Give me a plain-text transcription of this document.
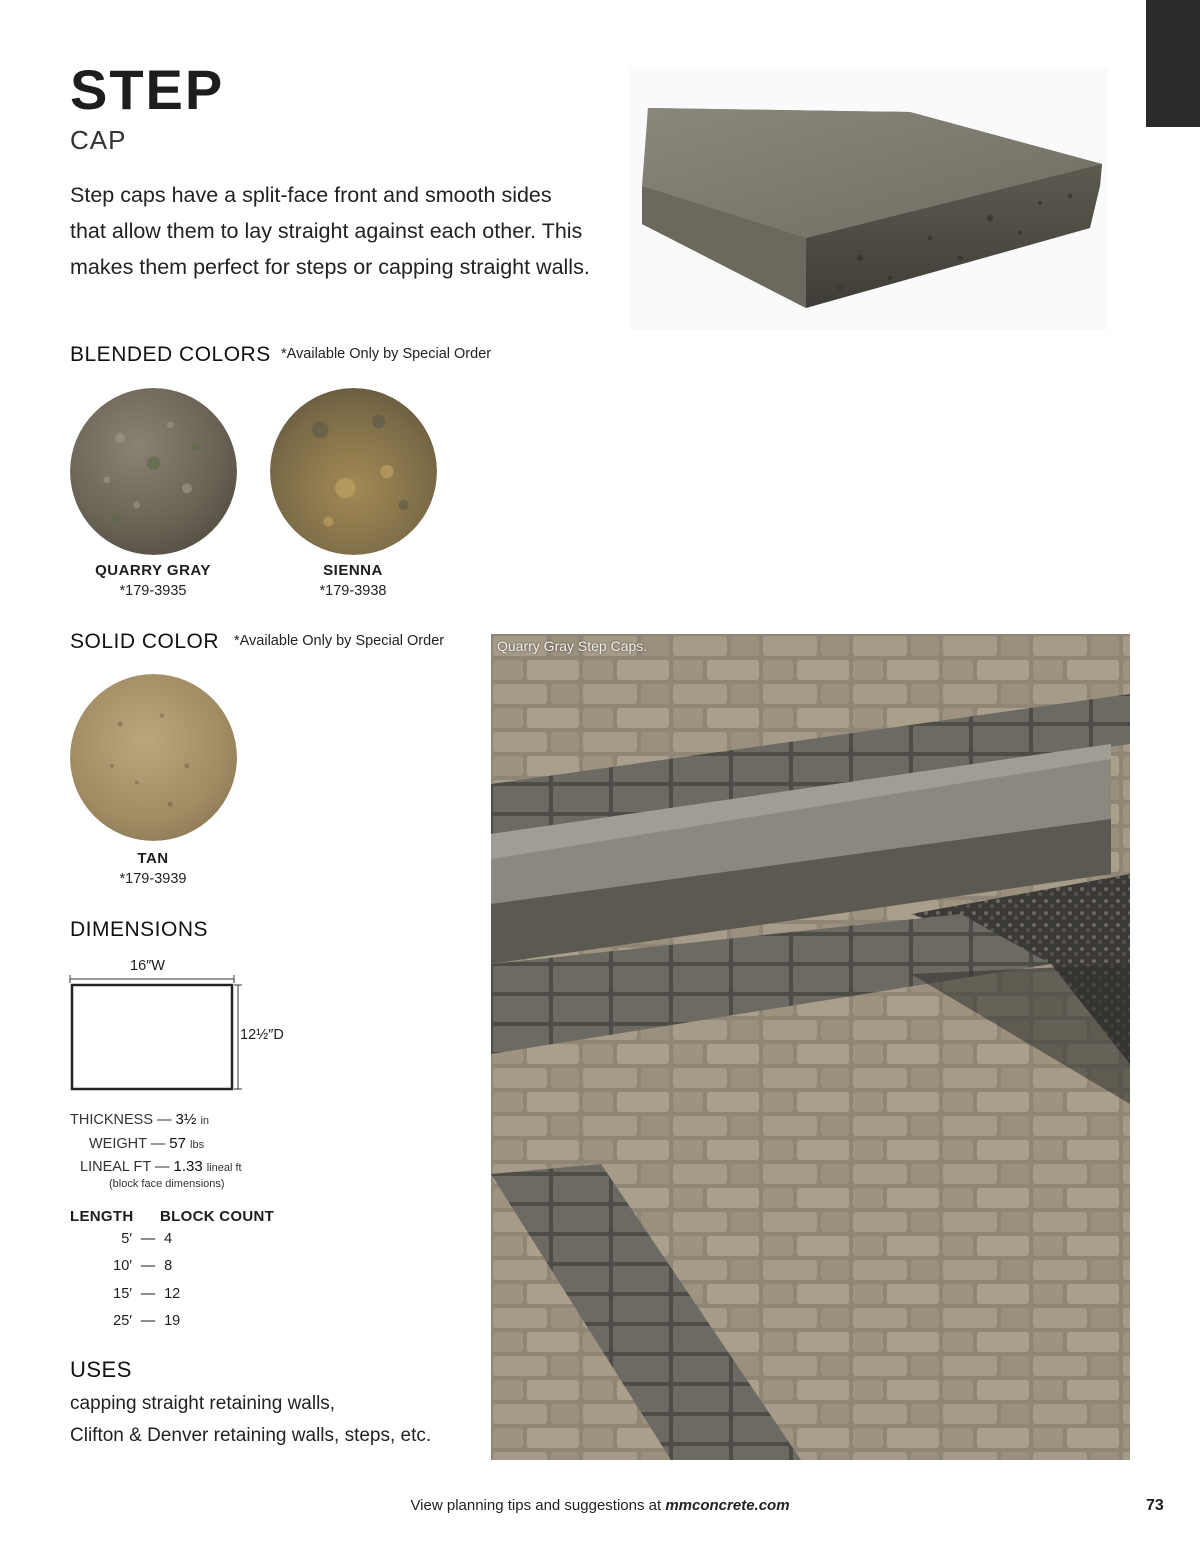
STEP
CAP

Step caps have a split-face front and smooth sides that allow them to lay straight against each other. This makes them perfect for steps or capping straight walls.

BLENDED COLORS *Available Only by Special Order
QUARRY GRAY
*179-3935
SIENNA
*179-3938
SOLID COLOR *Available Only by Special Order
TAN
*179-3939
DIMENSIONS
16″W
12½″D
THICKNESS — 3½ in
WEIGHT — 57 lbs
LINEAL FT — 1.33 lineal ft
(block face dimensions)
LENGTH BLOCK COUNT
5′ — 4
10′ — 8
15′ — 12
25′ — 19
USES

capping straight retaining walls,
Clifton & Denver retaining walls, steps, etc.

Quarry Gray Step Caps.
View planning tips and suggestions at mmconcrete.com	73
